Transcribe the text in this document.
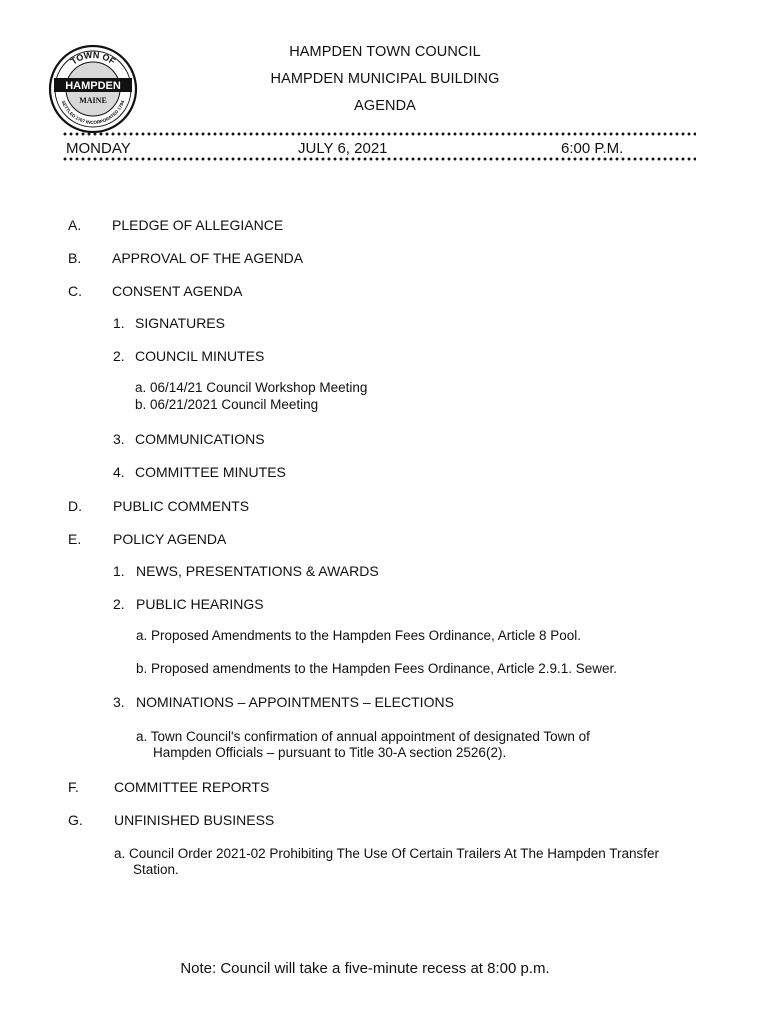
TOWN OF
HAMPDEN
MAINE
SETTLED 1767 INCORPORATED 1794
HAMPDEN TOWN COUNCIL
HAMPDEN MUNICIPAL BUILDING
AGENDA
MONDAY	JULY 6, 2021	6:00 P.M.
A. PLEDGE OF ALLEGIANCE
B. APPROVAL OF THE AGENDA
C. CONSENT AGENDA
1. SIGNATURES
2. COUNCIL MINUTES
a. 06/14/21 Council Workshop Meeting
b. 06/21/2021 Council Meeting
3. COMMUNICATIONS
4. COMMITTEE MINUTES
D. PUBLIC COMMENTS
E. POLICY AGENDA
1. NEWS, PRESENTATIONS & AWARDS
2. PUBLIC HEARINGS
a. Proposed Amendments to the Hampden Fees Ordinance, Article 8 Pool.
b. Proposed amendments to the Hampden Fees Ordinance, Article 2.9.1. Sewer.
3. NOMINATIONS – APPOINTMENTS – ELECTIONS
a. Town Council's confirmation of annual appointment of designated Town of
Hampden Officials – pursuant to Title 30-A section 2526(2).
F.	COMMITTEE REPORTS
G. UNFINISHED BUSINESS
a. Council Order 2021-02 Prohibiting The Use Of Certain Trailers At The Hampden Transfer
Station.
Note: Council will take a five-minute recess at 8:00 p.m.
